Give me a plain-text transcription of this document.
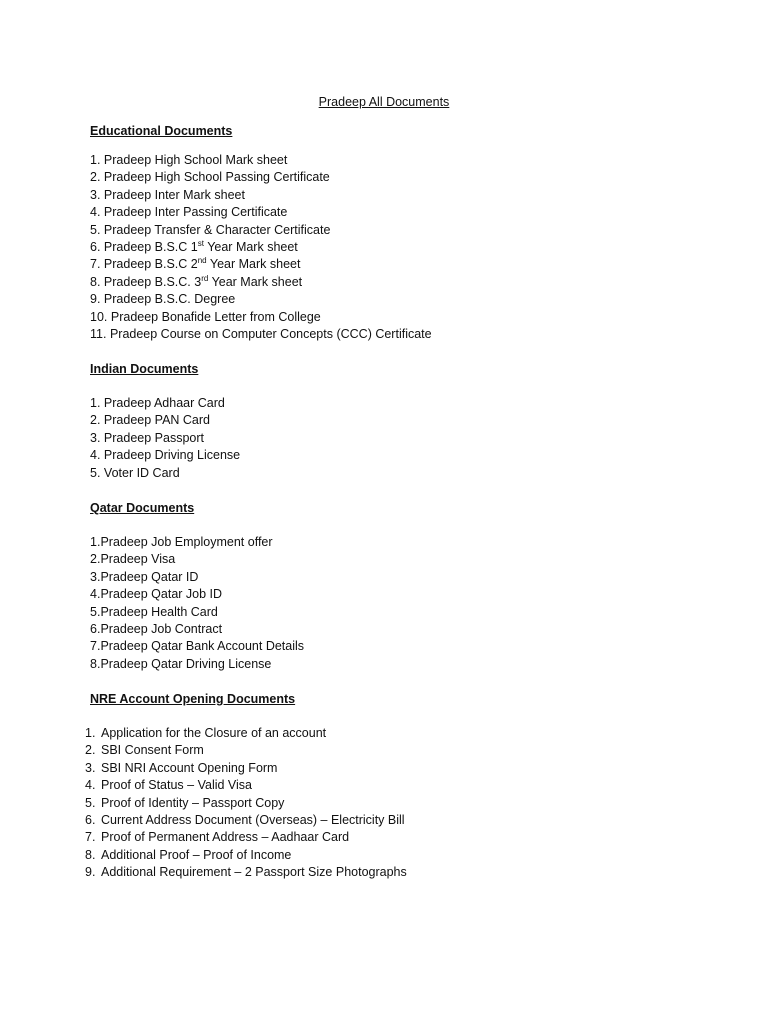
Pradeep All Documents
Educational Documents
1. Pradeep High School Mark sheet
2. Pradeep High School Passing Certificate
3. Pradeep Inter Mark sheet
4. Pradeep Inter Passing Certificate
5. Pradeep Transfer & Character Certificate
6. Pradeep B.S.C 1st Year Mark sheet
7. Pradeep B.S.C 2nd Year Mark sheet
8. Pradeep B.S.C. 3rd Year Mark sheet
9. Pradeep B.S.C. Degree
10. Pradeep Bonafide Letter from College
11. Pradeep Course on Computer Concepts (CCC) Certificate
Indian Documents
1. Pradeep Adhaar Card
2. Pradeep PAN Card
3. Pradeep Passport
4. Pradeep Driving License
5. Voter ID Card
Qatar Documents
1.Pradeep Job Employment offer
2.Pradeep Visa
3.Pradeep Qatar ID
4.Pradeep Qatar Job ID
5.Pradeep Health Card
6.Pradeep Job Contract
7.Pradeep Qatar Bank Account Details
8.Pradeep Qatar Driving License
NRE Account Opening Documents
1. Application for the Closure of an account
2. SBI Consent Form
3. SBI NRI Account Opening Form
4. Proof of Status – Valid Visa
5. Proof of Identity – Passport Copy
6. Current Address Document (Overseas) – Electricity Bill
7. Proof of Permanent Address – Aadhaar Card
8. Additional Proof – Proof of Income
9. Additional Requirement – 2 Passport Size Photographs
